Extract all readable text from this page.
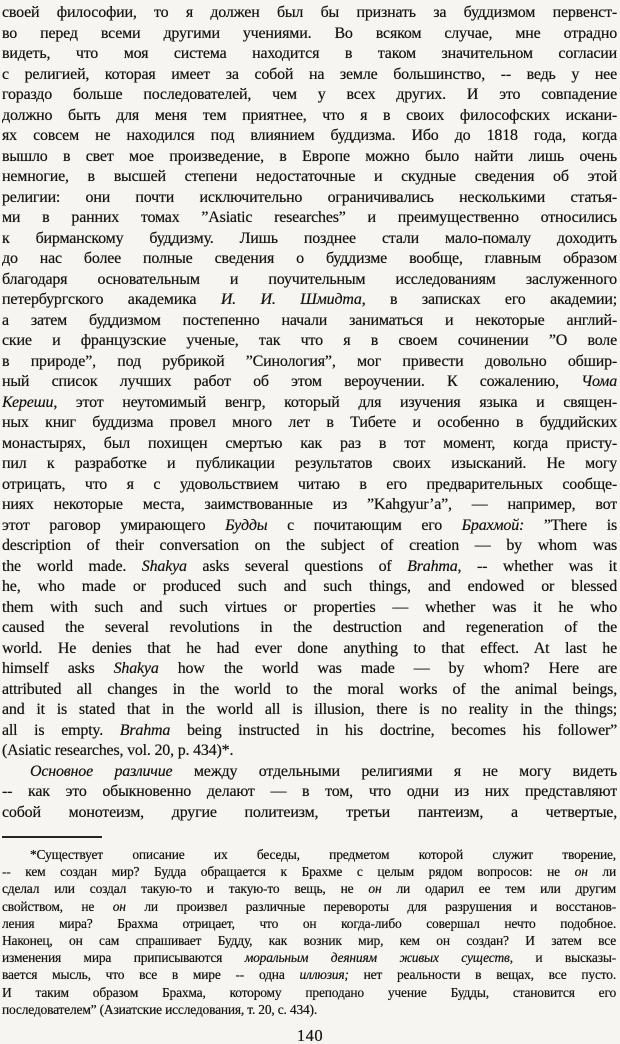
своей философии, то я должен был бы признать за буддизмом первенст-
во перед всеми другими учениями. Во всяком случае, мне отрадно
видеть, что моя система находится в таком значительном согласии
с религией, которая имеет за собой на земле большинство, -- ведь у нее
гораздо больше последователей, чем у всех других. И это совпадение
должно быть для меня тем приятнее, что я в своих философских искани-
ях совсем не находился под влиянием буддизма. Ибо до 1818 года, когда
вышло в свет мое произведение, в Европе можно было найти лишь очень
немногие, в высшей степени недостаточные и скудные сведения об этой
религии: они почти исключительно ограничивались несколькими статья-
ми в ранних томах ”Asiatic researches” и преимущественно относились
к бирманскому буддизму. Лишь позднее стали мало-помалу доходить
до нас более полные сведения о буддизме вообще, главным образом
благодаря основательным и поучительным исследованиям заслуженного
петербургского академика И. И. Шмидта, в записках его академии;
а затем буддизмом постепенно начали заниматься и некоторые англий-
ские и французские ученые, так что я в своем сочинении ”О воле
в природе”, под рубрикой ”Синология”, мог привести довольно обшир-
ный список лучших работ об этом вероучении. К сожалению, Чома
Кереши, этот неутомимый венгр, который для изучения языка и священ-
ных книг буддизма провел много лет в Тибете и особенно в буддийских
монастырях, был похищен смертью как раз в тот момент, когда присту-
пил к разработке и публикации результатов своих изысканий. Не могу
отрицать, что я с удовольствием читаю в его предварительных сообще-
ниях некоторые места, заимствованные из ”Kahgyur’a”, — например, вот
этот раговор умирающего Будды с почитающим его Брахмой: ”There is
description of their conversation on the subject of creation — by whom was
the world made. Shakya asks several questions of Brahma, -- whether was it
he, who made or produced such and such things, and endowed or blessed
them with such and such virtues or properties — whether was it he who
caused the several revolutions in the destruction and regeneration of the
world. He denies that he had ever done anything to that effect. At last he
himself asks Shakya how the world was made — by whom? Here are
attributed all changes in the world to the moral works of the animal beings,
and it is stated that in the world all is illusion, there is no reality in the things;
all is empty. Brahma being instructed in his doctrine, becomes his follower”
(Asiatic researches, vol. 20, p. 434)*.
Основное различие между отдельными религиями я не могу видеть
-- как это обыкновенно делают — в том, что одни из них представляют
собой монотеизм, другие политеизм, третьи пантеизм, а четвертые,
*Существует описание их беседы, предметом которой служит творение,
-- кем создан мир? Будда обращается к Брахме с целым рядом вопросов: не он ли
сделал или создал такую-то и такую-то вещь, не он ли одарил ее тем или другим
свойством, не он ли произвел различные перевороты для разрушения и восстанов-
ления мира? Брахма отрицает, что он когда-либо совершал нечто подобное.
Наконец, он сам спрашивает Будду, как возник мир, кем он создан? И затем все
изменения мира приписываются моральным деяниям живых существ, и высказы-
вается мысль, что все в мире -- одна иллюзия; нет реальности в вещах, все пусто.
И таким образом Брахма, которому преподано учение Будды, становится его
последователем” (Азиатские исследования, т. 20, с. 434).
140
